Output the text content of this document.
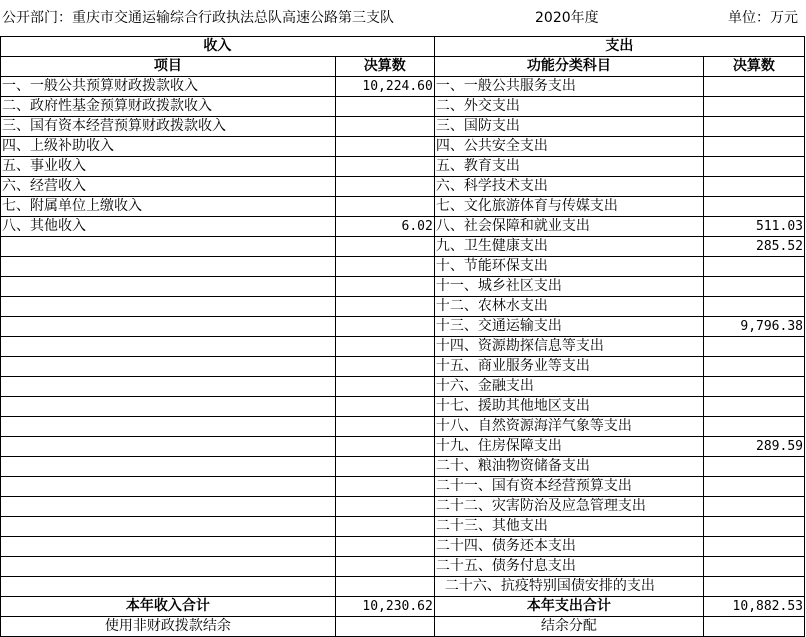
公开部门：重庆市交通运输综合行政执法总队高速公路第三支队	2020年度	单位：万元
收入		支出	
项目	决算数	功能分类科目	决算数
一、一般公共预算财政拨款收入	10,224.60	一、一般公共服务支出	
二、政府性基金预算财政拨款收入		二、外交支出	
三、国有资本经营预算财政拨款收入		三、国防支出	
四、上级补助收入		四、公共安全支出	
五、事业收入		五、教育支出	
六、经营收入		六、科学技术支出	
七、附属单位上缴收入		七、文化旅游体育与传媒支出	
八、其他收入	6.02	八、社会保障和就业支出	511.03
		九、卫生健康支出	285.52
		十、节能环保支出	
		十一、城乡社区支出	
		十二、农林水支出	
		十三、交通运输支出	9,796.38
		十四、资源勘探信息等支出	
		十五、商业服务业等支出	
		十六、金融支出	
		十七、援助其他地区支出	
		十八、自然资源海洋气象等支出	
		十九、住房保障支出	289.59
		二十、粮油物资储备支出	
		二十一、国有资本经营预算支出	
		二十二、灾害防治及应急管理支出	
		二十三、其他支出	
		二十四、债务还本支出	
		二十五、债务付息支出	
		二十六、抗疫特别国债安排的支出	
本年收入合计	10,230.62	本年支出合计	10,882.53
使用非财政拨款结余		结余分配	
